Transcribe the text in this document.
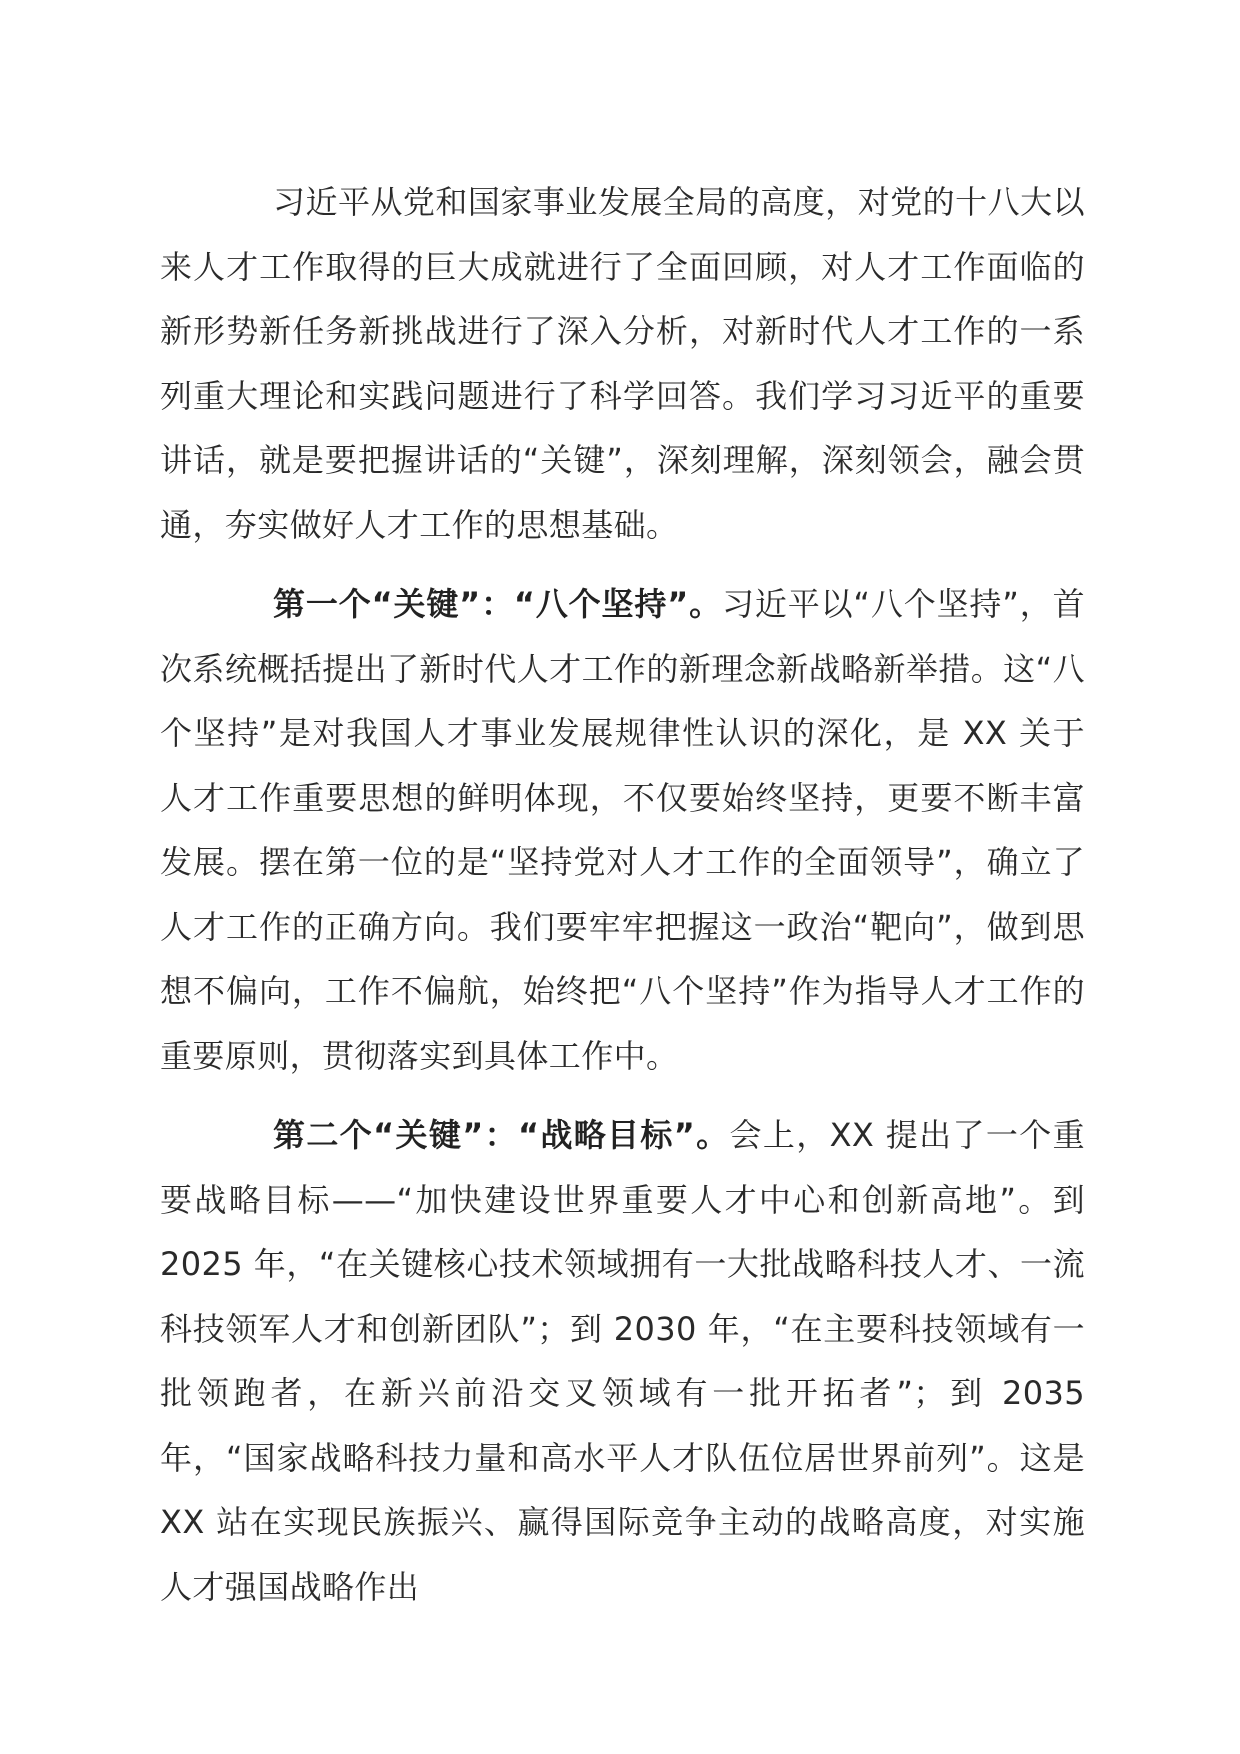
习近平从党和国家事业发展全局的高度，对党的十八大以来人才工作取得的巨大成就进行了全面回顾，对人才工作面临的新形势新任务新挑战进行了深入分析，对新时代人才工作的一系列重大理论和实践问题进行了科学回答。我们学习习近平的重要讲话，就是要把握讲话的“关键”，深刻理解，深刻领会，融会贯通，夯实做好人才工作的思想基础。

第一个“关键”：“八个坚持”。习近平以“八个坚持”，首次系统概括提出了新时代人才工作的新理念新战略新举措。这“八个坚持”是对我国人才事业发展规律性认识的深化，是 XX 关于人才工作重要思想的鲜明体现，不仅要始终坚持，更要不断丰富发展。摆在第一位的是“坚持党对人才工作的全面领导”，确立了人才工作的正确方向。我们要牢牢把握这一政治“靶向”，做到思想不偏向，工作不偏航，始终把“八个坚持”作为指导人才工作的重要原则，贯彻落实到具体工作中。

第二个“关键”：“战略目标”。会上，XX 提出了一个重要战略目标——“加快建设世界重要人才中心和创新高地”。到 2025 年，“在关键核心技术领域拥有一大批战略科技人才、一流科技领军人才和创新团队”；到 2030 年，“在主要科技领域有一批领跑者，在新兴前沿交叉领域有一批开拓者”；到 2035 年，“国家战略科技力量和高水平人才队伍位居世界前列”。这是 XX 站在实现民族振兴、赢得国际竞争主动的战略高度，对实施人才强国战略作出
